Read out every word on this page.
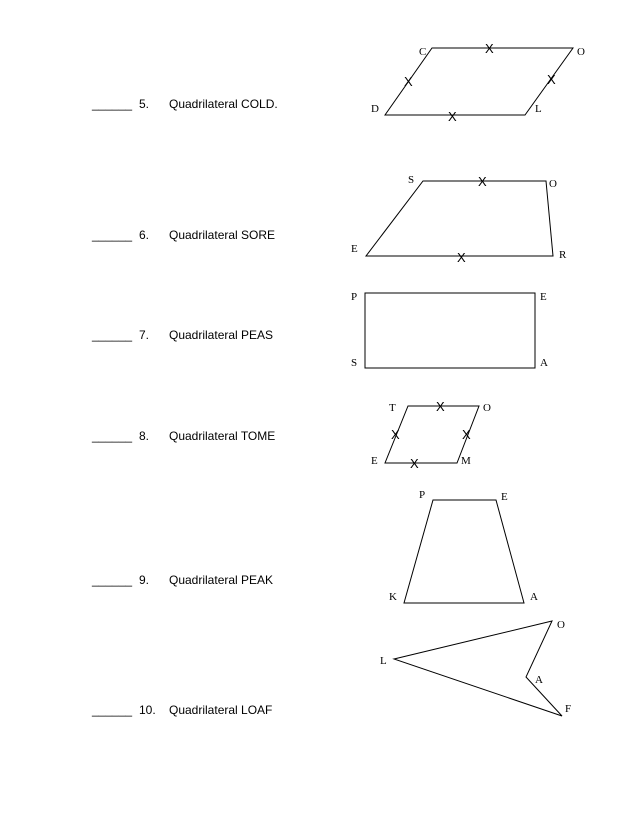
______ 5. Quadrilateral COLD.
______ 6. Quadrilateral SORE
______ 7. Quadrilateral PEAS
______ 8. Quadrilateral TOME
______ 9. Quadrilateral PEAK
______ 10. Quadrilateral LOAF
C	O
L
D
X
X	X
X
S	O
R
E
X
X
P	E
A
S
T	O
M
E
X
X	X
X
P	E
A
K
L
O
A
F
